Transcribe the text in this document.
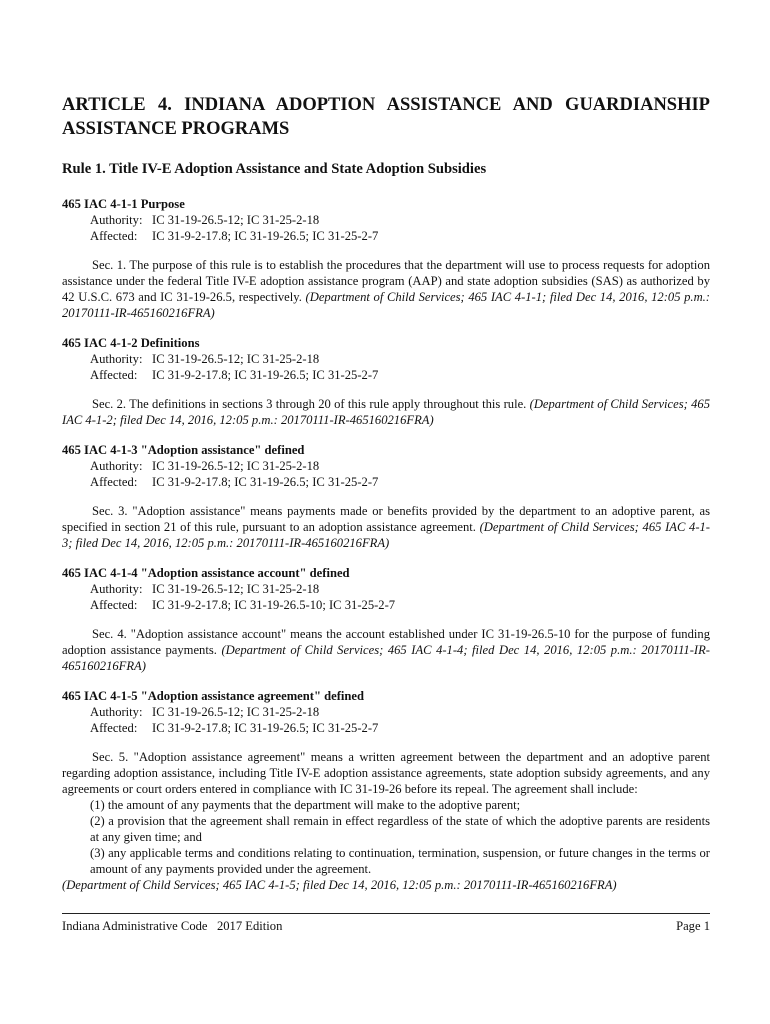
ARTICLE 4. INDIANA ADOPTION ASSISTANCE AND GUARDIANSHIP ASSISTANCE PROGRAMS
Rule 1. Title IV-E Adoption Assistance and State Adoption Subsidies
465 IAC 4-1-1 Purpose
Authority: IC 31-19-26.5-12; IC 31-25-2-18
Affected: IC 31-9-2-17.8; IC 31-19-26.5; IC 31-25-2-7

Sec. 1. The purpose of this rule is to establish the procedures that the department will use to process requests for adoption assistance under the federal Title IV-E adoption assistance program (AAP) and state adoption subsidies (SAS) as authorized by 42 U.S.C. 673 and IC 31-19-26.5, respectively. (Department of Child Services; 465 IAC 4-1-1; filed Dec 14, 2016, 12:05 p.m.: 20170111-IR-465160216FRA)

465 IAC 4-1-2 Definitions
Authority: IC 31-19-26.5-12; IC 31-25-2-18
Affected: IC 31-9-2-17.8; IC 31-19-26.5; IC 31-25-2-7

Sec. 2. The definitions in sections 3 through 20 of this rule apply throughout this rule. (Department of Child Services; 465 IAC 4-1-2; filed Dec 14, 2016, 12:05 p.m.: 20170111-IR-465160216FRA)

465 IAC 4-1-3 "Adoption assistance" defined
Authority: IC 31-19-26.5-12; IC 31-25-2-18
Affected: IC 31-9-2-17.8; IC 31-19-26.5; IC 31-25-2-7

Sec. 3. "Adoption assistance" means payments made or benefits provided by the department to an adoptive parent, as specified in section 21 of this rule, pursuant to an adoption assistance agreement. (Department of Child Services; 465 IAC 4-1-3; filed Dec 14, 2016, 12:05 p.m.: 20170111-IR-465160216FRA)

465 IAC 4-1-4 "Adoption assistance account" defined
Authority: IC 31-19-26.5-12; IC 31-25-2-18
Affected: IC 31-9-2-17.8; IC 31-19-26.5-10; IC 31-25-2-7

Sec. 4. "Adoption assistance account" means the account established under IC 31-19-26.5-10 for the purpose of funding adoption assistance payments. (Department of Child Services; 465 IAC 4-1-4; filed Dec 14, 2016, 12:05 p.m.: 20170111-IR-465160216FRA)

465 IAC 4-1-5 "Adoption assistance agreement" defined
Authority: IC 31-19-26.5-12; IC 31-25-2-18
Affected: IC 31-9-2-17.8; IC 31-19-26.5; IC 31-25-2-7

Sec. 5. "Adoption assistance agreement" means a written agreement between the department and an adoptive parent regarding adoption assistance, including Title IV-E adoption assistance agreements, state adoption subsidy agreements, and any agreements or court orders entered in compliance with IC 31-19-26 before its repeal. The agreement shall include:

(1) the amount of any payments that the department will make to the adoptive parent;
(2) a provision that the agreement shall remain in effect regardless of the state of which the adoptive parents are residents at any given time; and
(3) any applicable terms and conditions relating to continuation, termination, suspension, or future changes in the terms or amount of any payments provided under the agreement.
(Department of Child Services; 465 IAC 4-1-5; filed Dec 14, 2016, 12:05 p.m.: 20170111-IR-465160216FRA)
Indiana Administrative Code   2017 Edition	Page 1
